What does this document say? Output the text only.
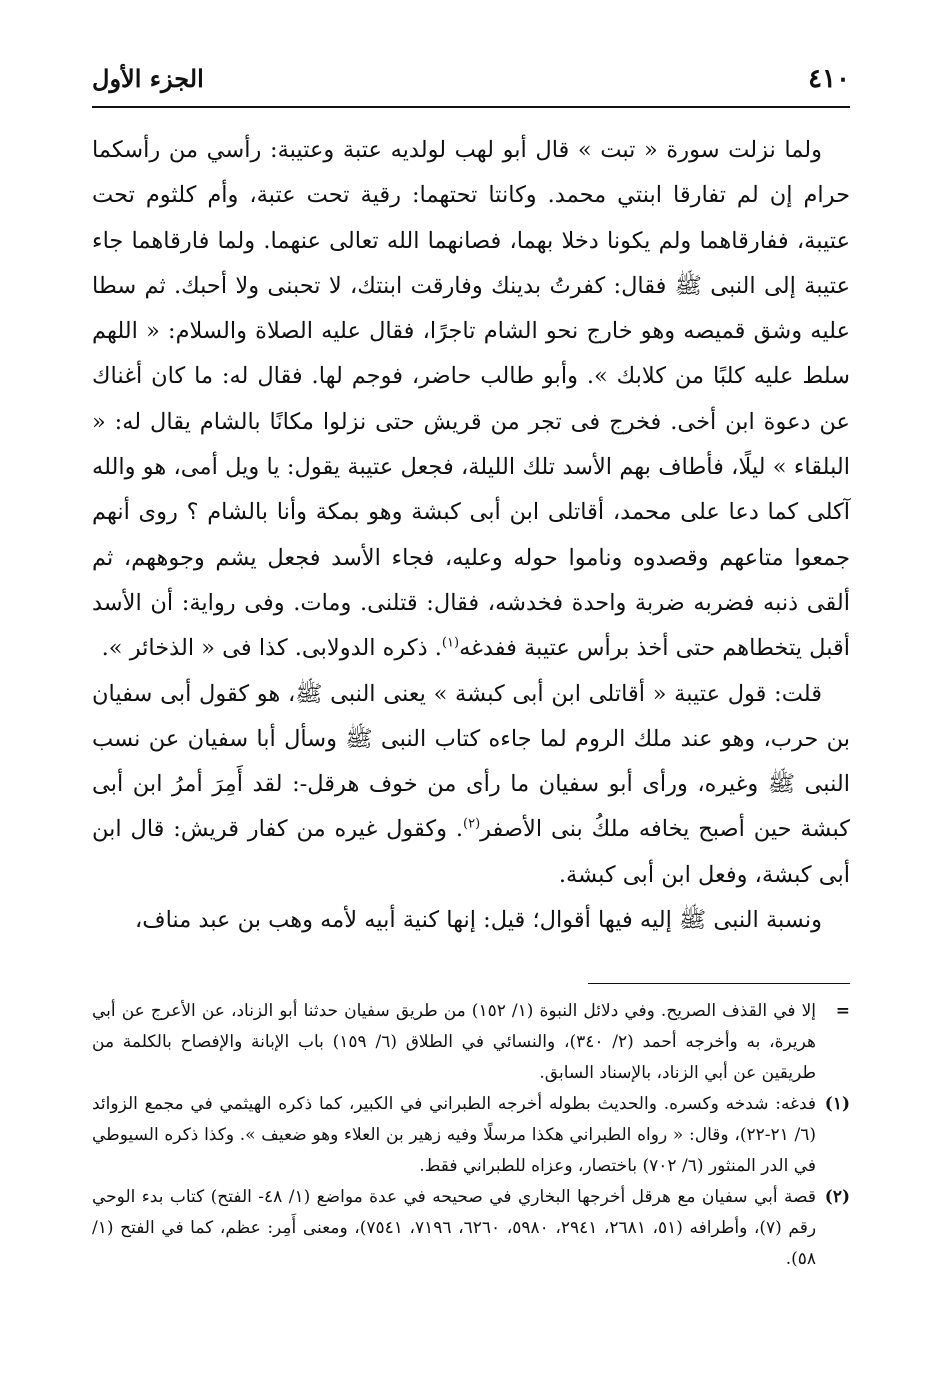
٤١٠
الجزء الأول

ولما نزلت سورة « تبت » قال أبو لهب لولديه عتبة وعتيبة: رأسي من رأسكما حرام إن لم تفارقا ابنتي محمد. وكانتا تحتهما: رقية تحت عتبة، وأم كلثوم تحت عتيبة، ففارقاهما ولم يكونا دخلا بهما، فصانهما الله تعالى عنهما. ولما فارقاهما جاء عتيبة إلى النبى ﷺ فقال: كفرتُ بدينك وفارقت ابنتك، لا تحبنى ولا أحبك. ثم سطا عليه وشق قميصه وهو خارج نحو الشام تاجرًا، فقال عليه الصلاة والسلام: « اللهم سلط عليه كلبًا من كلابك ». وأبو طالب حاضر، فوجم لها. فقال له: ما كان أغناك عن دعوة ابن أخى. فخرج فى تجر من قريش حتى نزلوا مكانًا بالشام يقال له: « البلقاء » ليلًا، فأطاف بهم الأسد تلك الليلة، فجعل عتيبة يقول: يا ويل أمى، هو والله آكلى كما دعا على محمد، أقاتلى ابن أبى كبشة وهو بمكة وأنا بالشام ؟ روى أنهم جمعوا متاعهم وقصدوه وناموا حوله وعليه، فجاء الأسد فجعل يشم وجوههم، ثم ألقى ذنبه فضربه ضربة واحدة فخدشه، فقال: قتلنى. ومات. وفى رواية: أن الأسد أقبل يتخطاهم حتى أخذ برأس عتيبة ففدغه$^{(١)}$. ذكره الدولابى. كذا فى « الذخائر ».

قلت: قول عتيبة « أقاتلى ابن أبى كبشة » يعنى النبى ﷺ، هو كقول أبى سفيان بن حرب، وهو عند ملك الروم لما جاءه كتاب النبى ﷺ وسأل أبا سفيان عن نسب النبى ﷺ وغيره، ورأى أبو سفيان ما رأى من خوف هرقل-: لقد أَمِرَ أمرُ ابن أبى كبشة حين أصبح يخافه ملكُ بنى الأصفر$^{(٢)}$. وكقول غيره من كفار قريش: قال ابن أبى كبشة، وفعل ابن أبى كبشة.

ونسبة النبى ﷺ إليه فيها أقوال؛ قيل: إنها كنية أبيه لأمه وهب بن عبد مناف،

=
إلا في القذف الصريح. وفي دلائل النبوة (١/ ١٥٢) من طريق سفيان حدثنا أبو الزناد، عن الأعرج عن أبي هريرة، به وأخرجه أحمد (٢/ ٣٤٠)، والنسائي في الطلاق (٦/ ١٥٩) باب الإبانة والإفصاح بالكلمة من طريقين عن أبي الزناد، بالإسناد السابق.
(١)
فدغه: شدخه وكسره. والحديث بطوله أخرجه الطبراني في الكبير، كما ذكره الهيثمي في مجمع الزوائد (٦/ ٢١-٢٢)، وقال: « رواه الطبراني هكذا مرسلًا وفيه زهير بن العلاء وهو ضعيف ». وكذا ذكره السيوطي في الدر المنثور (٦/ ٧٠٢) باختصار، وعزاه للطبراني فقط.
(٢)
قصة أبي سفيان مع هرقل أخرجها البخاري في صحيحه في عدة مواضع (١/ ٤٨- الفتح) كتاب بدء الوحي رقم (٧)، وأطرافه (٥١، ٢٦٨١، ٢٩٤١، ٥٩٨٠، ٦٢٦٠، ٧١٩٦، ٧٥٤١)، ومعنى أَمِر: عظم، كما في الفتح (١/ ٥٨).
